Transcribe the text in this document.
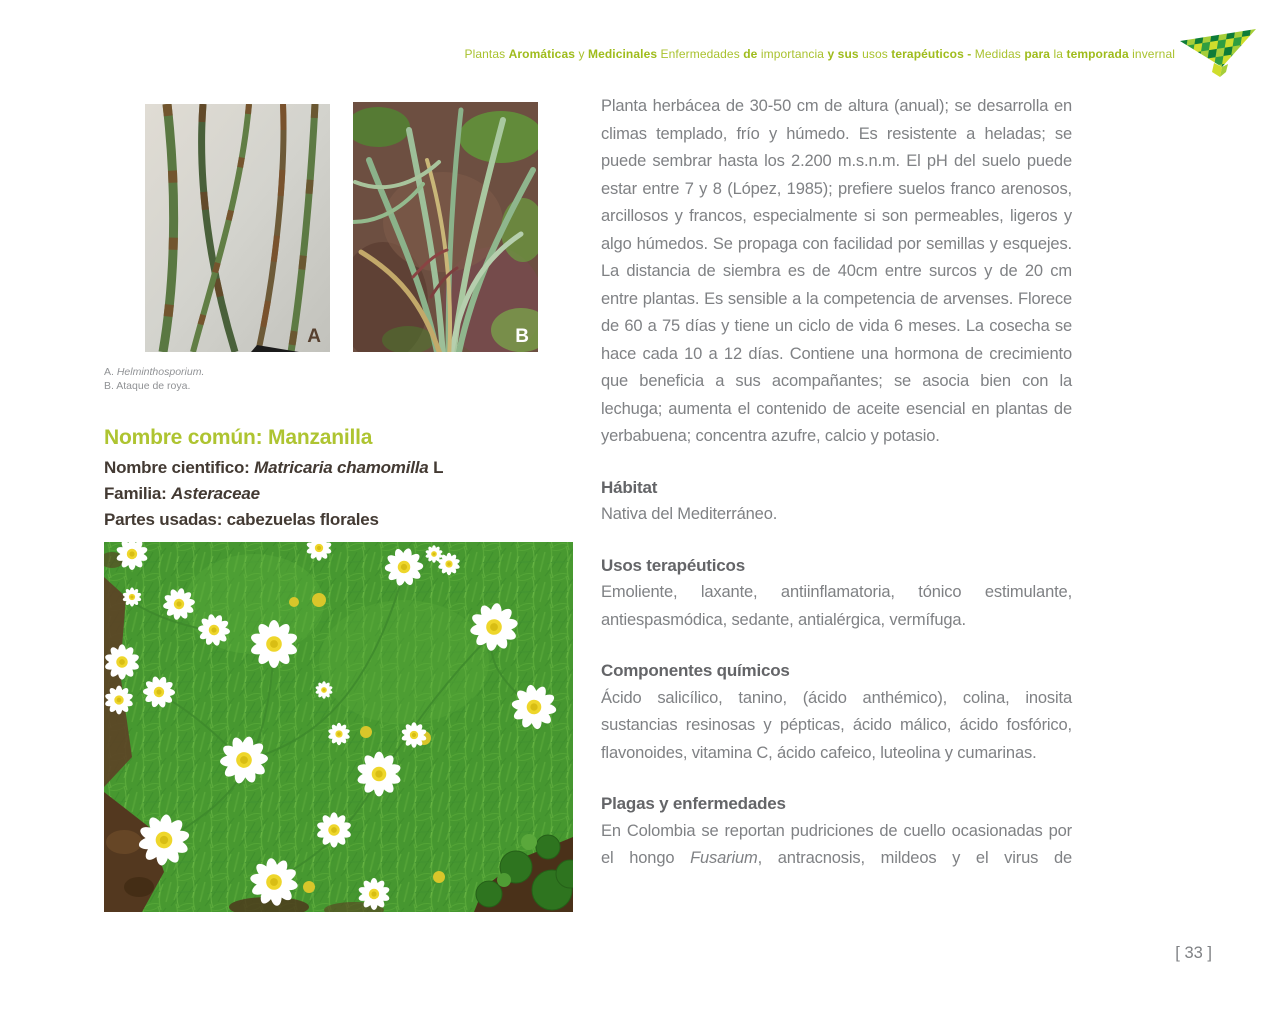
Plantas Aromáticas y Medicinales Enfermedades de importancia y sus usos terapéuticos - Medidas para la temporada invernal

A	B
A. Helminthosporium.
B. Ataque de roya.
Nombre común: Manzanilla
Nombre cientifico: Matricaria chamomilla L
Familia: Asteraceae
Partes usadas: cabezuelas florales

Planta herbácea de 30-50 cm de altura (anual); se desarrolla en climas templado, frío y húmedo. Es resistente a heladas; se puede sembrar hasta los 2.200 m.s.n.m. El pH del suelo puede estar entre 7 y 8 (López, 1985); prefiere suelos franco arenosos, arcillosos y francos, especialmente si son permeables, ligeros y algo húmedos. Se propaga con facilidad por semillas y esquejes. La distancia de siembra es de 40cm entre surcos y de 20 cm entre plantas. Es sensible a la competencia de arvenses. Florece de 60 a 75 días y tiene un ciclo de vida 6 meses. La cosecha se hace cada 10 a 12 días. Contiene una hormona de crecimiento que beneficia a sus acompañantes; se asocia bien con la lechuga; aumenta el contenido de aceite esencial en plantas de yerbabuena; concentra azufre, calcio y potasio.

Hábitat

Nativa del Mediterráneo.

Usos terapéuticos

Emoliente, laxante, antiinflamatoria, tónico estimulante, antiespasmódica, sedante, antialérgica, vermífuga.

Componentes químicos

Ácido salicílico, tanino, (ácido anthémico), colina, inosita sustancias resinosas y pépticas, ácido málico, ácido fosfórico, flavonoides, vitamina C, ácido cafeico, luteolina y cumarinas.

Plagas y enfermedades

En Colombia se reportan pudriciones de cuello ocasionadas por el hongo Fusarium, antracnosis, mildeos y el virus de

[ 33 ]
